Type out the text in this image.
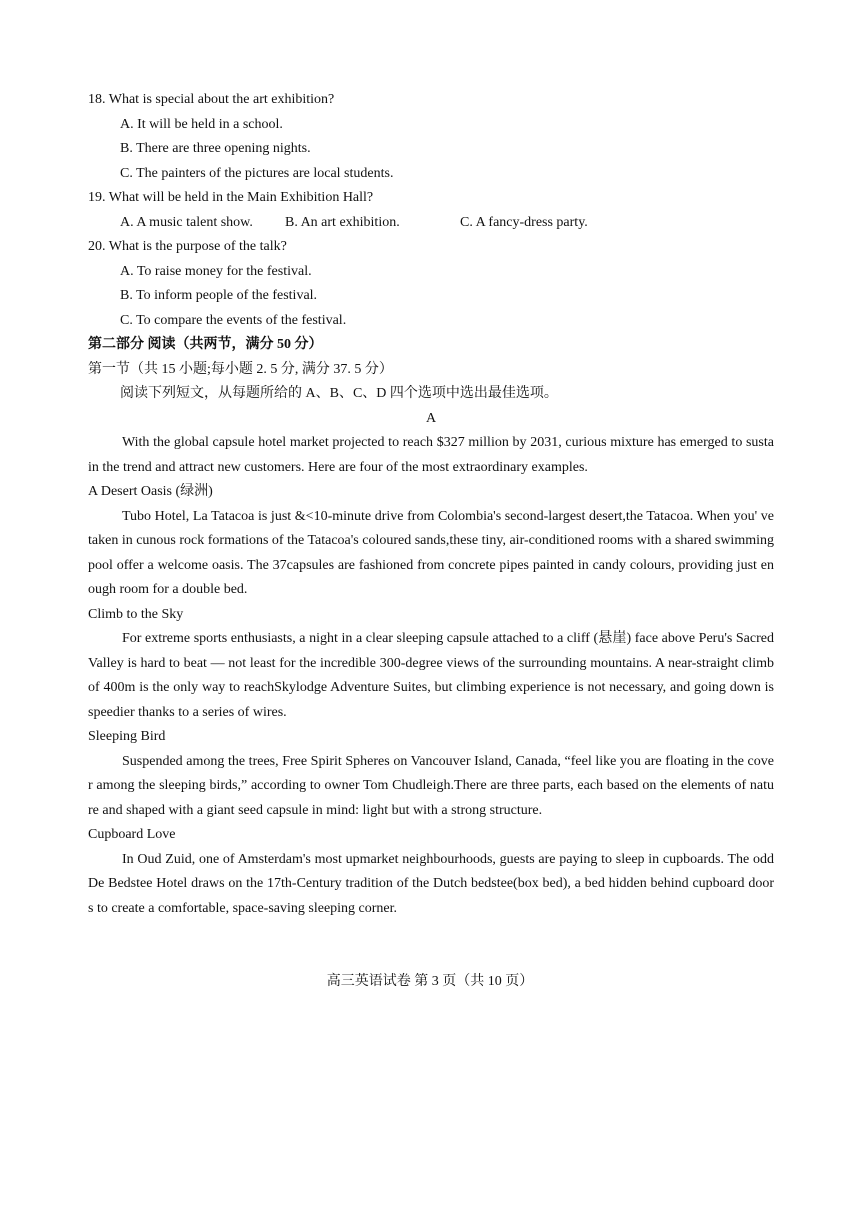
18. What is special about the art exhibition?
A. It will be held in a school.
B. There are three opening nights.
C. The painters of the pictures are local students.
19. What will be held in the Main Exhibition Hall?
A. A music talent show.	B. An art exhibition.	C. A fancy-dress party.
20. What is the purpose of the talk?
A. To raise money for the festival.
B. To inform people of the festival.
C. To compare the events of the festival.
第二部分 阅读（共两节，满分 50 分）
第一节（共 15 小题;每小题 2. 5 分, 满分 37. 5 分）
阅读下列短文，从每题所给的 A、B、C、D 四个选项中选出最佳选项。
A
With the global capsule hotel market projected to reach $327 million by 2031, curious mixture has emerged to sustain the trend and attract new customers. Here are four of the most extraordinary examples.
A Desert Oasis (绿洲)
Tubo Hotel, La Tatacoa is just &<10-minute drive from Colombia's second-largest desert,the Tatacoa. When you' ve taken in cunous rock formations of the Tatacoa's coloured sands,these tiny, air-conditioned rooms with a shared swimming pool offer a welcome oasis. The 37capsules are fashioned from concrete pipes painted in candy colours, providing just enough room for a double bed.
Climb to the Sky
For extreme sports enthusiasts, a night in a clear sleeping capsule attached to a cliff (悬崖) face above Peru's Sacred Valley is hard to beat — not least for the incredible 300-degree views of the surrounding mountains. A near-straight climb of 400m is the only way to reachSkylodge Adventure Suites, but climbing experience is not necessary, and going down is speedier thanks to a series of wires.
Sleeping Bird
Suspended among the trees, Free Spirit Spheres on Vancouver Island, Canada, “feel like you are floating in the cover among the sleeping birds,” according to owner Tom Chudleigh.There are three parts, each based on the elements of nature and shaped with a giant seed capsule in mind: light but with a strong structure.
Cupboard Love
In Oud Zuid, one of Amsterdam's most upmarket neighbourhoods, guests are paying to sleep in cupboards. The odd De Bedstee Hotel draws on the 17th-Century tradition of the Dutch bedstee(box bed), a bed hidden behind cupboard doors to create a comfortable, space-saving sleeping corner.
高三英语试卷 第 3 页（共 10 页）
